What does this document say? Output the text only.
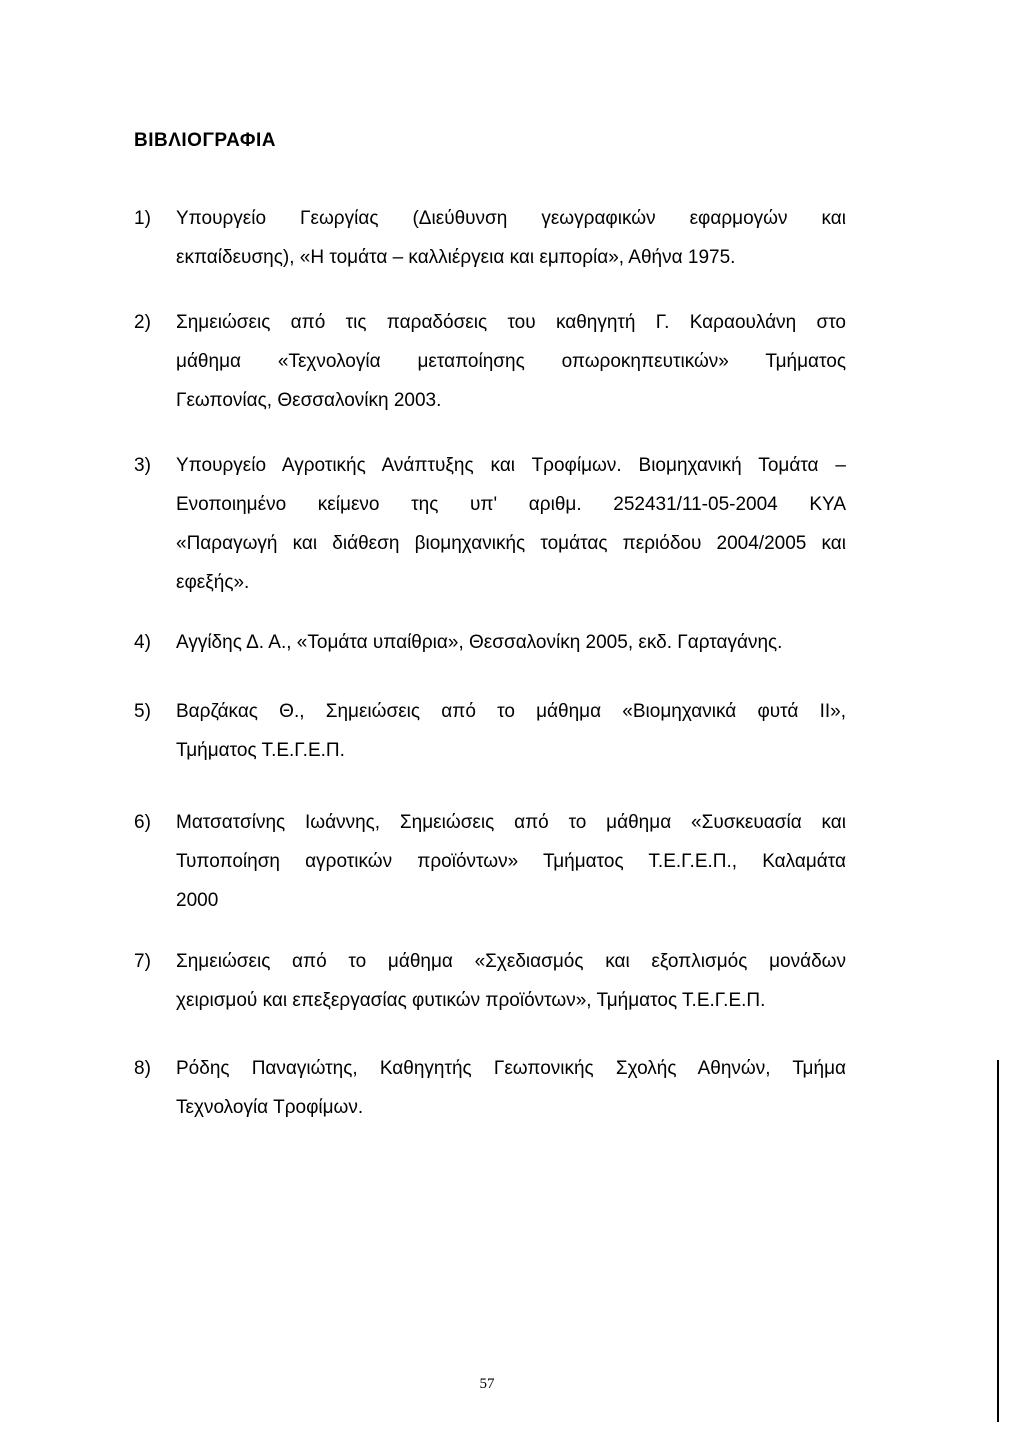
ΒΙΒΛΙΟΓΡΑΦΙΑ
1) Υπουργείο Γεωργίας (Διεύθυνση γεωγραφικών εφαρμογών και
εκπαίδευσης), «Η τομάτα – καλλιέργεια και εμπορία», Αθήνα 1975.
2) Σημειώσεις από τις παραδόσεις του καθηγητή Γ. Καραουλάνη στο
μάθημα «Τεχνολογία μεταποίησης οπωροκηπευτικών» Τμήματος
Γεωπονίας, Θεσσαλονίκη 2003.
3) Υπουργείο Αγροτικής Ανάπτυξης και Τροφίμων. Βιομηχανική Τομάτα –
Ενοποιημένο κείμενο της υπ' αριθμ. 252431/11-05-2004 ΚΥΑ
«Παραγωγή και διάθεση βιομηχανικής τομάτας περιόδου 2004/2005 και
εφεξής».
4) Αγγίδης Δ. Α., «Τομάτα υπαίθρια», Θεσσαλονίκη 2005, εκδ. Γαρταγάνης.
5) Βαρζάκας Θ., Σημειώσεις από το μάθημα «Βιομηχανικά φυτά ΙΙ»,
Τμήματος Τ.Ε.Γ.Ε.Π.
6) Ματσατσίνης Ιωάννης, Σημειώσεις από το μάθημα «Συσκευασία και
Τυποποίηση αγροτικών προϊόντων» Τμήματος Τ.Ε.Γ.Ε.Π., Καλαμάτα
2000
7) Σημειώσεις από το μάθημα «Σχεδιασμός και εξοπλισμός μονάδων
χειρισμού και επεξεργασίας φυτικών προϊόντων», Τμήματος Τ.Ε.Γ.Ε.Π.
8) Ρόδης Παναγιώτης, Καθηγητής Γεωπονικής Σχολής Αθηνών, Τμήμα
Τεχνολογία Τροφίμων.
57
